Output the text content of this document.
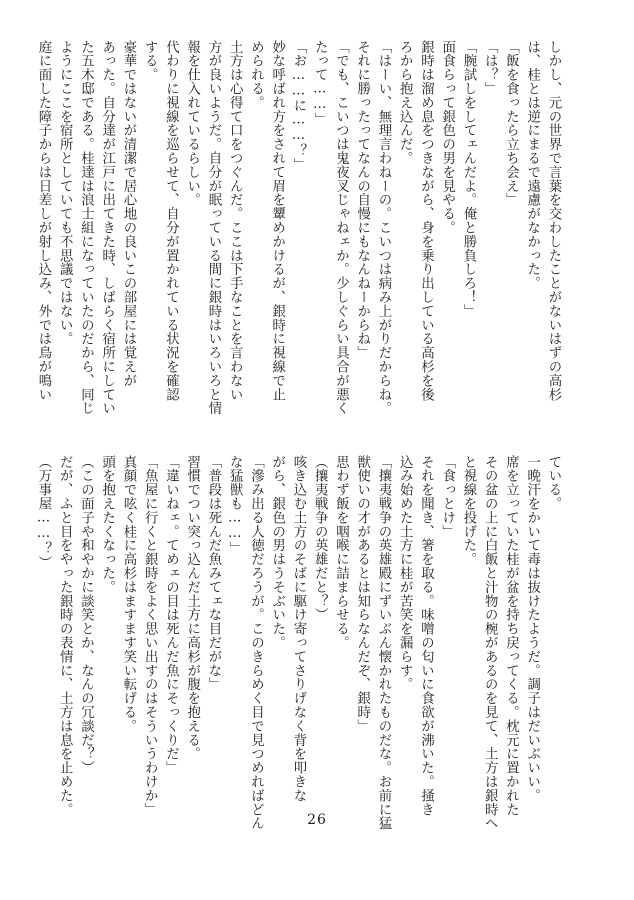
しかし、元の世界で言葉を交わしたことがないはずの高杉
は、桂とは逆にまるで遠慮がなかった。
「飯を食ったら立ち会え」
「は？」
「腕試しをしてェんだよ。俺と勝負しろ！」
面食らって銀色の男を見やる。
銀時は溜め息をつきながら、身を乗り出している高杉を後
ろから抱え込んだ。
「はーい、無理言わねーの。こいつは病み上がりだからね。
それに勝ったってなんの自慢にもなんねーからね」
「でも、こいつは鬼夜叉じゃねェか。少しぐらい具合が悪く
たって……」
「お……に……？」
妙な呼ばれ方をされて眉を顰めかけるが、銀時に視線で止
められる。
土方は心得て口をつぐんだ。ここは下手なことを言わない
方が良いようだ。自分が眠っている間に銀時はいろいろと情
報を仕入れているらしい。
代わりに視線を巡らせて、自分が置かれている状況を確認
する。
豪華ではないが清潔で居心地の良いこの部屋には覚えが
あった。自分達が江戸に出てきた時、しばらく宿所にしてい
た五木邸である。桂達は浪士組になっていたのだから、同じ
ようにここを宿所としていても不思議ではない。
庭に面した障子からは日差しが射し込み、外では鳥が鳴い
ている。
一晩汗をかいて毒は抜けたようだ。調子はだいぶいい。
席を立っていた桂が盆を持ち戻ってくる。枕元に置かれた
その盆の上に白飯と汁物の椀があるのを見て、土方は銀時へ
と視線を投げた。
「食っとけ」
それを聞き、箸を取る。味噌の匂いに食欲が沸いた。掻き
込み始めた土方に桂が苦笑を漏らす。
「攘夷戦争の英雄殿にずいぶん懐かれたものだな。お前に猛
獣使いの才があるとは知らなんだぞ、銀時」
思わず飯を咽喉に詰まらせる。
（攘夷戦争の英雄だと？）
咳き込む土方のそばに駆け寄ってさりげなく背を叩きな
がら、銀色の男はうそぶいた。
「滲み出る人徳だろうが。このきらめく目で見つめればどん
な猛獣も……」
「普段は死んだ魚みてェな目だがな」
習慣でつい突っ込んだ土方に高杉が腹を抱える。
「違いねェ。てめェの目は死んだ魚にそっくりだ」
「魚屋に行くと銀時をよく思い出すのはそういうわけか」
真顔で呟く桂に高杉はますます笑い転げる。
頭を抱えたくなった。
（この面子や和やかに談笑とか、なんの冗談だ？）
だが、ふと目をやった銀時の表情に、土方は息を止めた。
（万事屋……？）
26
